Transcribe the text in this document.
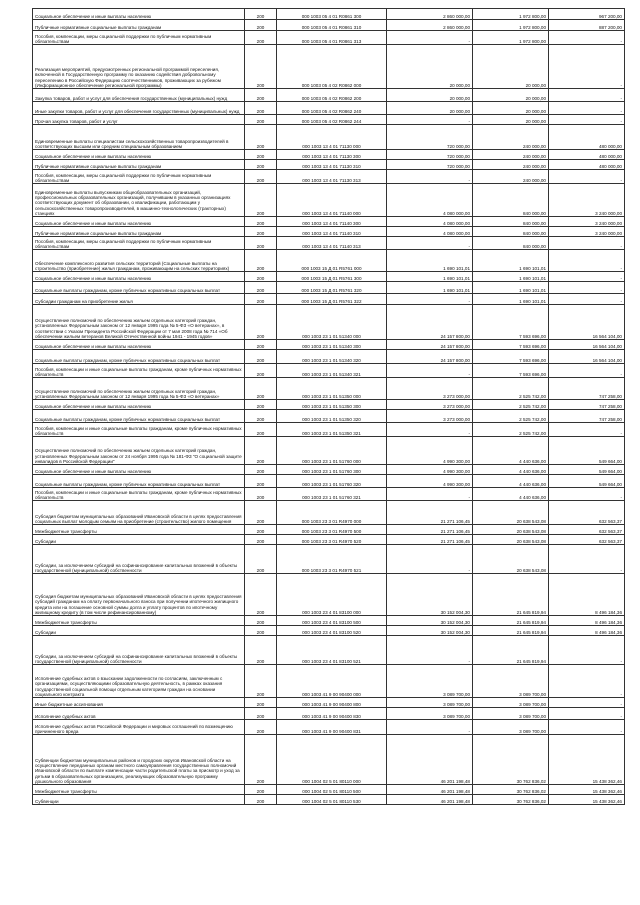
Социальное обеспечение и иные выплаты населению	200	000 1003 05 4 01 R0861 300	2 860 000,00	1 972 800,00	967 200,00
Публичные нормативные социальные выплаты гражданам	200	000 1003 05 4 01 R0861 310	2 860 000,00	1 972 800,00	887 200,00
Пособия, компенсации, меры социальной поддержки по публичным нормативным обязательствам	200	000 1003 05 4 01 R0861 313	-	1 972 800,00	-
Реализация мероприятий, предусмотренных региональной программой переселения, включенной в Государственную программу по оказанию содействия добровольному переселению в Российскую Федерацию соотечественников, проживающих за рубежом (Информационное обеспечение региональной программы)	200	000 1003 05 4 02 R0862 000	20 000,00	20 000,00	-
Закупка товаров, работ и услуг для обеспечения государственных (муниципальных) нужд	200	000 1003 05 4 02 R0862 200	20 000,00	20 000,00	-
Иные закупки товаров, работ и услуг для обеспечения государственных (муниципальных) нужд	200	000 1003 05 4 02 R0862 240	20 000,00	20 000,00	-
Прочая закупка товаров, работ и услуг	200	000 1003 05 4 02 R0862 244	-	20 000,00	-
Единовременные выплаты специалистам сельскохозяйственных товаропроизводителей в соответствующих высшим или средним специальным образованием	200	000 1003 13 4 01 71130 000	720 000,00	240 000,00	480 000,00
Социальное обеспечение и иные выплаты населению	200	000 1003 13 4 01 71130 300	720 000,00	240 000,00	480 000,00
Публичные нормативные социальные выплаты гражданам	200	000 1003 13 4 01 71130 310	720 000,00	240 000,00	480 000,00
Пособия, компенсации, меры социальной поддержки по публичным нормативным обязательствам	200	000 1003 13 4 01 71130 313	-	240 000,00	-
Единовременные выплаты выпускникам общеобразовательных организаций, профессиональных образовательных организаций, получившим в указанных организациях соответствующих документ об образовании, о квалификации, работающим у сельскохозяйственных товаропроизводителей, в машинно-технологических (тракторных) станциях	200	000 1003 13 4 01 71140 000	4 080 000,00	840 000,00	3 240 000,00
Социальное обеспечение и иные выплаты населению	200	000 1003 13 4 01 71140 300	4 080 000,00	840 000,00	3 240 000,00
Публичные нормативные социальные выплаты гражданам	200	000 1003 13 4 01 71140 310	4 080 000,00	840 000,00	3 240 000,00
Пособия, компенсации, меры социальной поддержки по публичным нормативным обязательствам	200	000 1003 13 4 01 71140 313	-	840 000,00	-
Обеспечение комплексного развития сельских территорий (Социальные выплаты на строительство (приобретение) жилья гражданам, проживающим на сельских территориях)	200	000 1003 15 Д 01 R5761 000	1 690 101,01	1 690 101,01	-
Социальное обеспечение и иные выплаты населению	200	000 1003 15 Д 01 R5761 300	1 690 101,01	1 690 101,01	-
Социальные выплаты гражданам, кроме публичных нормативных социальных выплат	200	000 1003 15 Д 01 R5761 320	1 690 101,01	1 690 101,01	-
Субсидии гражданам на приобретение жилья	200	000 1003 15 Д 01 R5761 322	-	1 690 101,01	-
Осуществление полномочий по обеспечению жильем отдельных категорий граждан, установленных Федеральным законом от 12 января 1995 года № 5-ФЗ «О ветеранах», в соответствии с Указом Президента Российской Федерации от 7 мая 2008 года № 714 «Об обеспечении жильем ветеранов Великой Отечественной войны 1941 - 1945 годов»	200	000 1003 23 1 01 51340 000	24 157 800,00	7 593 696,00	16 564 104,00
Социальное обеспечение и иные выплаты населению	200	000 1003 23 1 01 51340 300	24 157 800,00	7 593 696,00	16 564 104,00
Социальные выплаты гражданам, кроме публичных нормативных социальных выплат	200	000 1003 23 1 01 51340 320	24 157 800,00	7 593 696,00	16 564 104,00
Пособия, компенсации и иные социальные выплаты гражданам, кроме публичных нормативных обязательств	200	000 1003 23 1 01 51340 321	-	7 593 696,00	-
Осуществление полномочий по обеспечению жильем отдельных категорий граждан, установленных Федеральным законом от 12 января 1995 года № 5-ФЗ «О ветеранах»	200	000 1003 23 1 01 51350 000	3 273 000,00	2 525 742,00	747 258,00
Социальное обеспечение и иные выплаты населению	200	000 1003 23 1 01 51350 300	3 273 000,00	2 525 742,00	747 258,00
Социальные выплаты гражданам, кроме публичных нормативных социальных выплат	200	000 1003 23 1 01 51350 320	3 273 000,00	2 525 742,00	747 258,00
Пособия, компенсации и иные социальные выплаты гражданам, кроме публичных нормативных обязательств	200	000 1003 23 1 01 51350 321	-	2 525 742,00	-
Осуществление полномочий по обеспечению жильем отдельных категорий граждан, установленных Федеральным законом от 24 ноября 1995 года № 181-ФЗ "О социальной защите инвалидов в Российской Федерации"	200	000 1003 23 1 01 51760 000	4 990 300,00	4 440 636,00	549 664,00
Социальное обеспечение и иные выплаты населению	200	000 1003 23 1 01 51760 300	4 990 300,00	4 440 636,00	549 664,00
Социальные выплаты гражданам, кроме публичных нормативных социальных выплат	200	000 1003 23 1 01 51760 320	4 990 300,00	4 440 636,00	549 664,00
Пособия, компенсации и иные социальные выплаты гражданам, кроме публичных нормативных обязательств	200	000 1003 23 1 01 51760 321	-	4 440 636,00	-
Субсидия бюджетам муниципальных образований Ивановской области в целях предоставления социальных выплат молодым семьям на приобретение (строительство) жилого помещения	200	000 1003 23 3 01 R4970 000	21 271 106,45	20 638 543,08	632 563,37
Межбюджетные трансферты	200	000 1003 23 3 01 R4970 500	21 271 106,45	20 638 543,08	632 563,37
Субсидии	200	000 1003 23 3 01 R4970 520	21 271 106,45	20 638 543,08	632 563,37
Субсидии, за исключением субсидий на софинансирование капитальных вложений в объекты государственной (муниципальной) собственности	200	000 1003 23 3 01 R4970 521	-	20 638 543,08	-
Субсидия бюджетам муниципальных образований Ивановской области в целях предоставления субсидий гражданам на оплату первоначального взноса при получении ипотечного жилищного кредита или на погашение основной суммы долга и уплату процентов по ипотечному жилищному кредиту (в том числе рефинансированному)	200	000 1003 23 4 01 83100 000	30 152 004,30	21 645 819,94	8 496 184,36
Межбюджетные трансферты	200	000 1003 23 4 01 83100 500	30 152 004,30	21 645 819,94	8 496 184,36
Субсидии	200	000 1003 23 4 01 83100 520	30 152 004,30	21 645 819,94	8 496 184,36
Субсидии, за исключением субсидий на софинансирование капитальных вложений в объекты государственной (муниципальной) собственности	200	000 1003 23 4 01 83100 521	-	21 645 819,94	-
Исполнение судебных актов о взыскании задолженности по согласиям, заключенным с организациями, осуществляющими образовательную деятельность, в рамках оказания государственной социальной помощи отдельным категориям граждан на основании социального контракта	200	000 1003 41 9 00 90400 000	3 089 700,00	3 089 700,00	-
Иные бюджетные ассигнования	200	000 1003 41 9 00 90400 800	3 089 700,00	3 089 700,00	-
Исполнение судебных актов	200	000 1003 41 9 00 90400 830	3 089 700,00	3 089 700,00	-
Исполнение судебных актов Российской Федерации и мировых соглашений по возмещению причиненного вреда	200	000 1003 41 9 00 90400 831	-	3 089 700,00	-
Субвенции бюджетам муниципальных районов и городских округов Ивановской области на осуществление переданных органам местного самоуправления государственных полномочий Ивановской области по выплате компенсации части родительской платы за присмотр и уход за детьми в образовательных организациях, реализующих образовательную программу дошкольного образования	200	000 1004 02 5 01 80110 000	46 201 198,48	30 762 836,02	15 438 362,46
Межбюджетные трансферты	200	000 1004 02 5 01 80110 500	46 201 198,48	30 762 836,02	15 438 362,46
Субвенции	200	000 1004 02 5 01 80110 530	46 201 198,48	30 762 836,02	15 438 362,46
